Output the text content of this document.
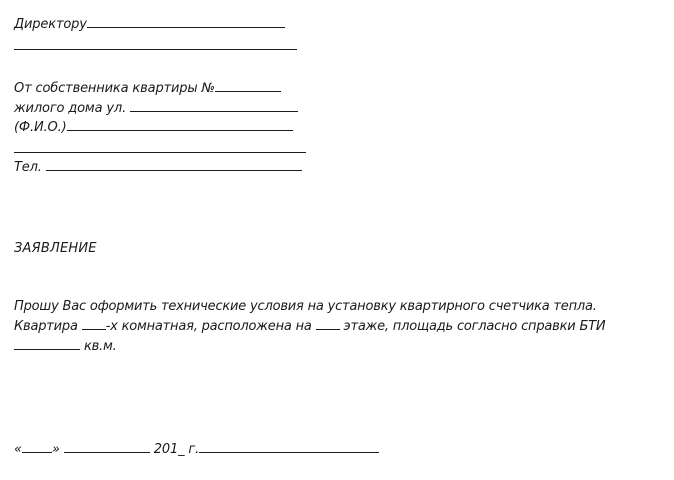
Директору
От собственника квартиры №
жилого дома ул.
(Ф.И.О.)
Тел.
ЗАЯВЛЕНИЕ
Прошу Вас оформить технические условия на установку квартирного счетчика тепла.
Квартира -х комнатная, расположена на этаже, площадь согласно справки БТИ
кв.м.
« »	201_ г.
